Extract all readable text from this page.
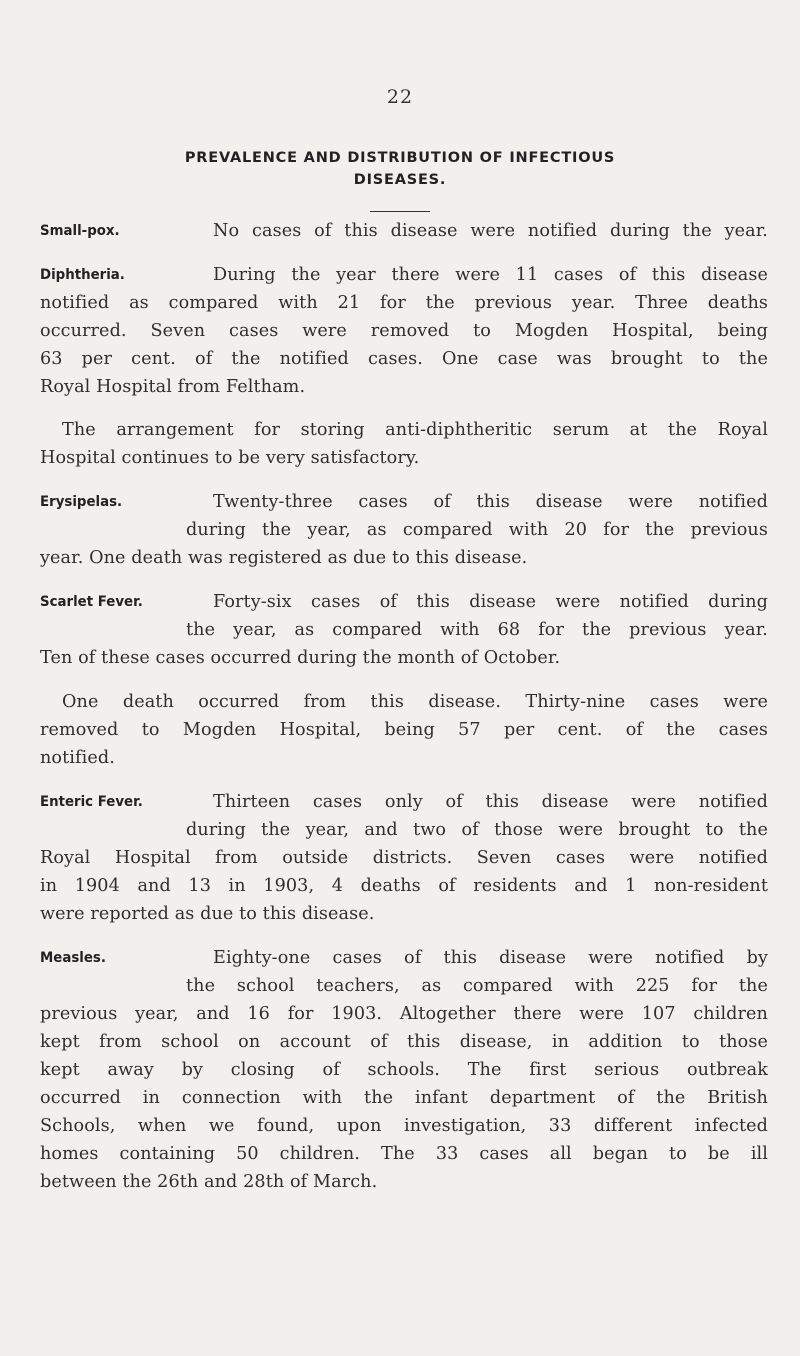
22
PREVALENCE AND DISTRIBUTION OF INFECTIOUS
DISEASES.
Small-pox.	No cases of this disease were notified during the year.
Diphtheria.	During the year there were 11 cases of this disease
notified as compared with 21 for the previous year. Three deaths
occurred. Seven cases were removed to Mogden Hospital, being
63 per cent. of the notified cases. One case was brought to the
Royal Hospital from Feltham.
The arrangement for storing anti-diphtheritic serum at the Royal
Hospital continues to be very satisfactory.
Erysipelas.	Twenty-three cases of this disease were notified
during the year, as compared with 20 for the previous
year. One death was registered as due to this disease.
Scarlet Fever.	Forty-six cases of this disease were notified during
the year, as compared with 68 for the previous year.
Ten of these cases occurred during the month of October.
One death occurred from this disease. Thirty-nine cases were
removed to Mogden Hospital, being 57 per cent. of the cases
notified.
Enteric Fever.	Thirteen cases only of this disease were notified
during the year, and two of those were brought to the
Royal Hospital from outside districts. Seven cases were notified
in 1904 and 13 in 1903, 4 deaths of residents and 1 non-resident
were reported as due to this disease.
Measles.	Eighty-one cases of this disease were notified by
the school teachers, as compared with 225 for the
previous year, and 16 for 1903. Altogether there were 107 children
kept from school on account of this disease, in addition to those
kept away by closing of schools. The first serious outbreak
occurred in connection with the infant department of the British
Schools, when we found, upon investigation, 33 different infected
homes containing 50 children. The 33 cases all began to be ill
between the 26th and 28th of March.
